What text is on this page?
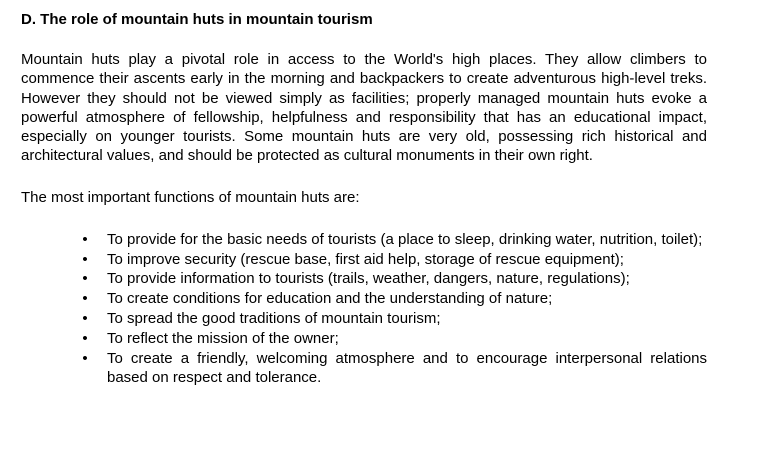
D. The role of mountain huts in mountain tourism

Mountain huts play a pivotal role in access to the World's high places. They allow climbers to commence their ascents early in the morning and backpackers to create adventurous high-level treks. However they should not be viewed simply as facilities; properly managed mountain huts evoke a powerful atmosphere of fellowship, helpfulness and responsibility that has an educational impact, especially on younger tourists. Some mountain huts are very old, possessing rich historical and architectural values, and should be protected as cultural monuments in their own right.

The most important functions of mountain huts are:

• To provide for the basic needs of tourists (a place to sleep, drinking water, nutrition, toilet);
• To improve security (rescue base, first aid help, storage of rescue equipment);
• To provide information to tourists (trails, weather, dangers, nature, regulations);
• To create conditions for education and the understanding of nature;
• To spread the good traditions of mountain tourism;
• To reflect the mission of the owner;
• To create a friendly, welcoming atmosphere and to encourage interpersonal relations based on respect and tolerance.
